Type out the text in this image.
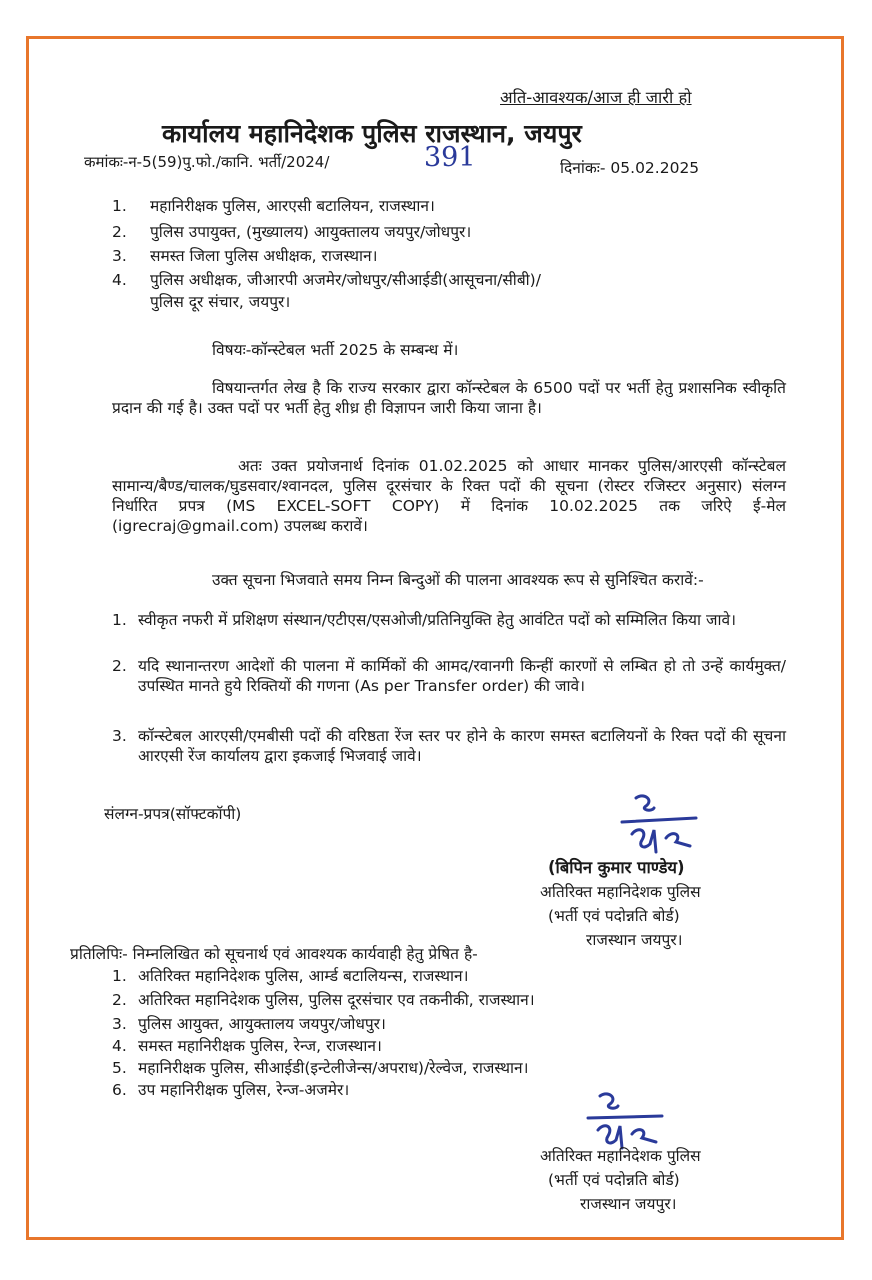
अति-आवश्यक/आज ही जारी हो
कार्यालय महानिदेशक पुलिस राजस्थान, जयपुर
कमांकः-न-5(59)पु.फो./कानि. भर्ती/2024/	391	दिनांकः- 05.02.2025
1. महानिरीक्षक पुलिस, आरएसी बटालियन, राजस्थान।
2. पुलिस उपायुक्त, (मुख्यालय) आयुक्तालय जयपुर/जोधपुर।
3. समस्त जिला पुलिस अधीक्षक, राजस्थान।
4. पुलिस अधीक्षक, जीआरपी अजमेर/जोधपुर/सीआईडी(आसूचना/सीबी)/
पुलिस दूर संचार, जयपुर।
विषयः-कॉन्स्टेबल भर्ती 2025 के सम्बन्ध में।
विषयान्तर्गत लेख है कि राज्य सरकार द्वारा कॉन्स्टेबल के 6500 पदों पर भर्ती हेतु प्रशासनिक स्वीकृति प्रदान की गई है। उक्त पदों पर भर्ती हेतु शीध्र ही विज्ञापन जारी किया जाना है।
अतः उक्त प्रयोजनार्थ दिनांक 01.02.2025 को आधार मानकर पुलिस/आरएसी कॉन्स्टेबल सामान्य/बैण्ड/चालक/घुडसवार/श्वानदल, पुलिस दूरसंचार के रिक्त पदों की सूचना (रोस्टर रजिस्टर अनुसार) संलग्न निर्धारित प्रपत्र (MS EXCEL-SOFT COPY) में दिनांक 10.02.2025 तक जरिऐ ई-मेल (igrecraj@gmail.com) उपलब्ध करावें।
उक्त सूचना भिजवाते समय निम्न बिन्दुओं की पालना आवश्यक रूप से सुनिश्चित करावें:-
1. स्वीकृत नफरी में प्रशिक्षण संस्थान/एटीएस/एसओजी/प्रतिनियुक्ति हेतु आवंटित पदों को सम्मिलित किया जावे।
2. यदि स्थानान्तरण आदेशों की पालना में कार्मिकों की आमद/रवानगी किन्हीं कारणों से लम्बित हो तो उन्हें कार्यमुक्त/उपस्थित मानते हुये रिक्तियों की गणना (As per Transfer order) की जावे।
3. कॉन्स्टेबल आरएसी/एमबीसी पदों की वरिष्ठता रेंज स्तर पर होने के कारण समस्त बटालियनों के रिक्त पदों की सूचना आरएसी रेंज कार्यालय द्वारा इकजाई भिजवाई जावे।
संलग्न-प्रपत्र(सॉफ्टकॉपी)
(बिपिन कुमार पाण्डेय)
अतिरिक्त महानिदेशक पुलिस
(भर्ती एवं पदोन्नति बोर्ड)
राजस्थान जयपुर।
प्रतिलिपिः- निम्नलिखित को सूचनार्थ एवं आवश्यक कार्यवाही हेतु प्रेषित है-
1. अतिरिक्त महानिदेशक पुलिस, आर्म्ड बटालियन्स, राजस्थान।
2. अतिरिक्त महानिदेशक पुलिस, पुलिस दूरसंचार एव तकनीकी, राजस्थान।
3. पुलिस आयुक्त, आयुक्तालय जयपुर/जोधपुर।
4. समस्त महानिरीक्षक पुलिस, रेन्ज, राजस्थान।
5. महानिरीक्षक पुलिस, सीआईडी(इन्टेलीजेन्स/अपराध)/रेल्वेज, राजस्थान।
6. उप महानिरीक्षक पुलिस, रेन्ज-अजमेर।
अतिरिक्त महानिदेशक पुलिस
(भर्ती एवं पदोन्नति बोर्ड)
राजस्थान जयपुर।
